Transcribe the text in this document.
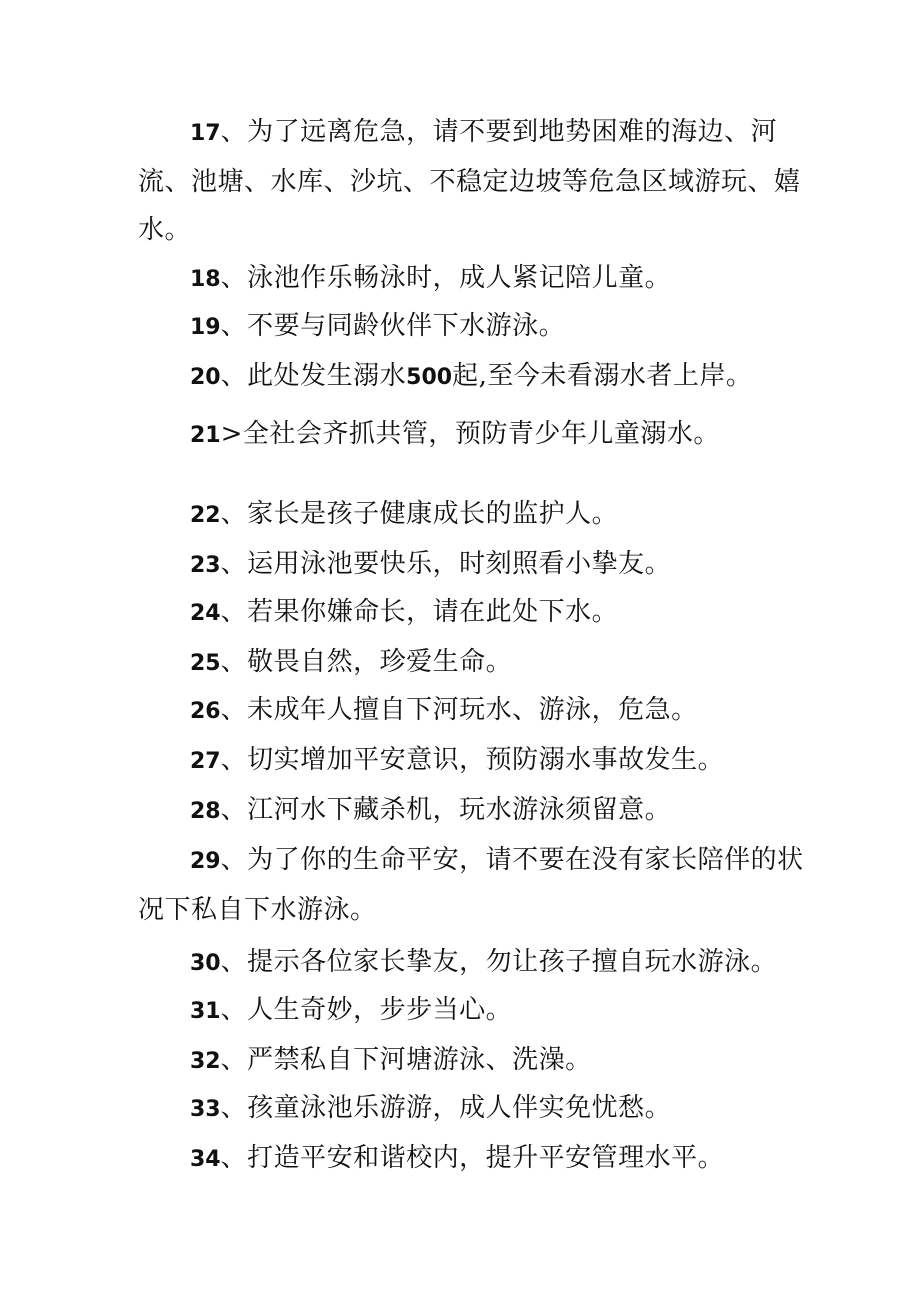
17、为了远离危急，请不要到地势困难的海边、河流、池塘、水库、沙坑、不稳定边坡等危急区域游玩、嬉水。

18、泳池作乐畅泳时，成人紧记陪儿童。

19、不要与同龄伙伴下水游泳。

20、此处发生溺水500起,至今未看溺水者上岸。

21>全社会齐抓共管，预防青少年儿童溺水。

22、家长是孩子健康成长的监护人。

23、运用泳池要快乐，时刻照看小挚友。

24、若果你嫌命长，请在此处下水。

25、敬畏自然，珍爱生命。

26、未成年人擅自下河玩水、游泳，危急。

27、切实增加平安意识，预防溺水事故发生。

28、江河水下藏杀机，玩水游泳须留意。

29、为了你的生命平安，请不要在没有家长陪伴的状况下私自下水游泳。

30、提示各位家长挚友，勿让孩子擅自玩水游泳。

31、人生奇妙，步步当心。

32、严禁私自下河塘游泳、洗澡。

33、孩童泳池乐游游，成人伴实免忧愁。

34、打造平安和谐校内，提升平安管理水平。
